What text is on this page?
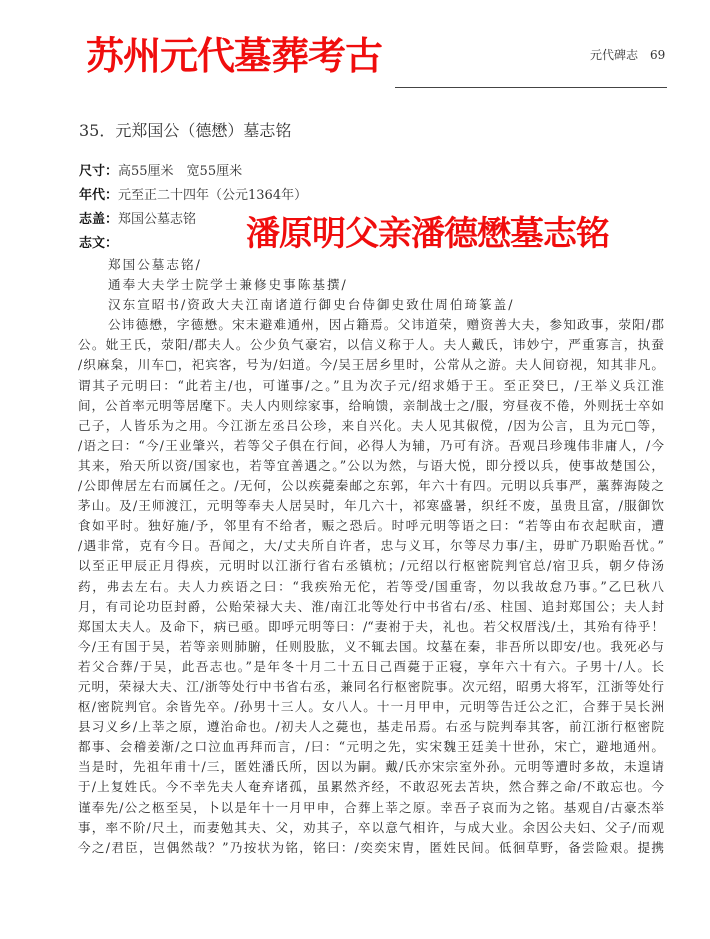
苏州元代墓葬考古	元代碑志 69
35．元郑国公（德懋）墓志铭
尺寸：高55厘米　宽55厘米
年代：元至正二十四年（公元1364年）
志盖：郑国公墓志铭
志文：	潘原明父亲潘德懋墓志铭
郑国公墓志铭/
通奉大夫学士院学士兼修史事陈基撰/
汉东宣昭书/资政大夫江南诸道行御史台侍御史致仕周伯琦篆盖/
公讳德懋，字德懋。宋末避难通州，因占籍焉。父讳道荣，赠资善大夫，参知政事，荥阳/郡
公。妣王氏，荥阳/郡夫人。公少负气豪宕，以信义称于人。夫人戴氏，讳妙宁，严重寡言，执蚕
/织麻枲，川车□，祀宾客，号为/妇道。今/吴王居乡里时，公常从之游。夫人间窃视，知其非凡。
谓其子元明曰：“此若主/也，可谨事/之。”且为次子元/绍求婚于王。至正癸巳，/王举义兵江淮
间，公首率元明等居麾下。夫人内则综家事，给晌馈，亲制战士之/服，穷昼夜不倦，外则抚士卒如
己子，人皆乐为之用。今江浙左丞吕公珍，来自兴化。夫人见其俶傥，/因为公言，且为元□等，
/语之曰：“今/王业肇兴，若等父子俱在行间，必得人为辅，乃可有济。吾观吕珍瑰伟非庸人，/今
其来，殆天所以资/国家也，若等宜善遇之。”公以为然，与语大悦，即分授以兵，使事故楚国公，
/公即俾居左右而属任之。/无何，公以疾薨秦邮之东郭，年六十有四。元明以兵事严，藁葬海陵之
茅山。及/王师渡江，元明等奉夫人居吴时，年几六十，祁寒盛暑，织纴不废，虽贵且富，/服御饮
食如平时。独好施/予，邻里有不给者，赈之恐后。时呼元明等语之曰：“若等由布衣起畎亩，遭
/遇非常，克有今日。吾闻之，大/丈夫所自许者，忠与义耳，尔等尽力事/主，毋旷乃职贻吾忧。”
以至正甲辰正月得疾，元明时以江浙行省右丞镇杭；/元绍以行枢密院判官总/宿卫兵，朝夕侍汤
药，弗去左右。夫人力疾语之曰：“我疾殆无佗，若等受/国重寄，勿以我故怠乃事。”乙巳秋八
月，有司论功臣封爵，公贻荣禄大夫、淮/南江北等处行中书省右/丞、柱国、追封郑国公；夫人封
郑国太夫人。及命下，病已亟。即呼元明等曰：/“妻祔于夫，礼也。若父权厝浅/土，其殆有待乎！
今/王有国于吴，若等亲则肺腑，任则股肱，义不辄去国。坟墓在秦，非吾所以即安/也。我死必与
若父合葬/于吴，此吾志也。”是年冬十月二十五日己酉薨于正寝，享年六十有六。子男十/人。长
元明，荣禄大夫、江/浙等处行中书省右丞，兼同名行枢密院事。次元绍，昭勇大将军，江浙等处行
枢/密院判官。余皆先卒。/孙男十三人。女八人。十一月甲申，元明等告迁公之汇，合葬于吴长洲
县习义乡/上莘之原，遵治命也。/初夫人之薨也，基走吊焉。右丞与院判奉其客，前江浙行枢密院
都事、会稽姜渐/之口泣血再拜而言，/曰：“元明之先，实宋魏王廷美十世孙，宋亡，避地通州。
当是时，先祖年甫十/三，匿姓潘氏所，因以为嗣。戴/氏亦宋宗室外孙。元明等遭时多故，未遑请
于/上复姓氏。今不幸先夫人奄弃诸孤，虽累然齐经，不敢忍死去苫块，然合葬之命/不敢忘也。今
谨奉先/公之柩至吴，卜以是年十一月甲申，合葬上莘之原。幸吾子哀而为之铭。基观自/古豪杰举
事，率不阶/尺土，而妻勉其夫、父，劝其子，卒以意气相许，与成大业。余因公夫妇、父子/而观
今之/君臣，岂偶然哉？”乃按状为铭，铭曰：/奕奕宋胄，匿姓民间。低徊草野，备尝险艰。提携
